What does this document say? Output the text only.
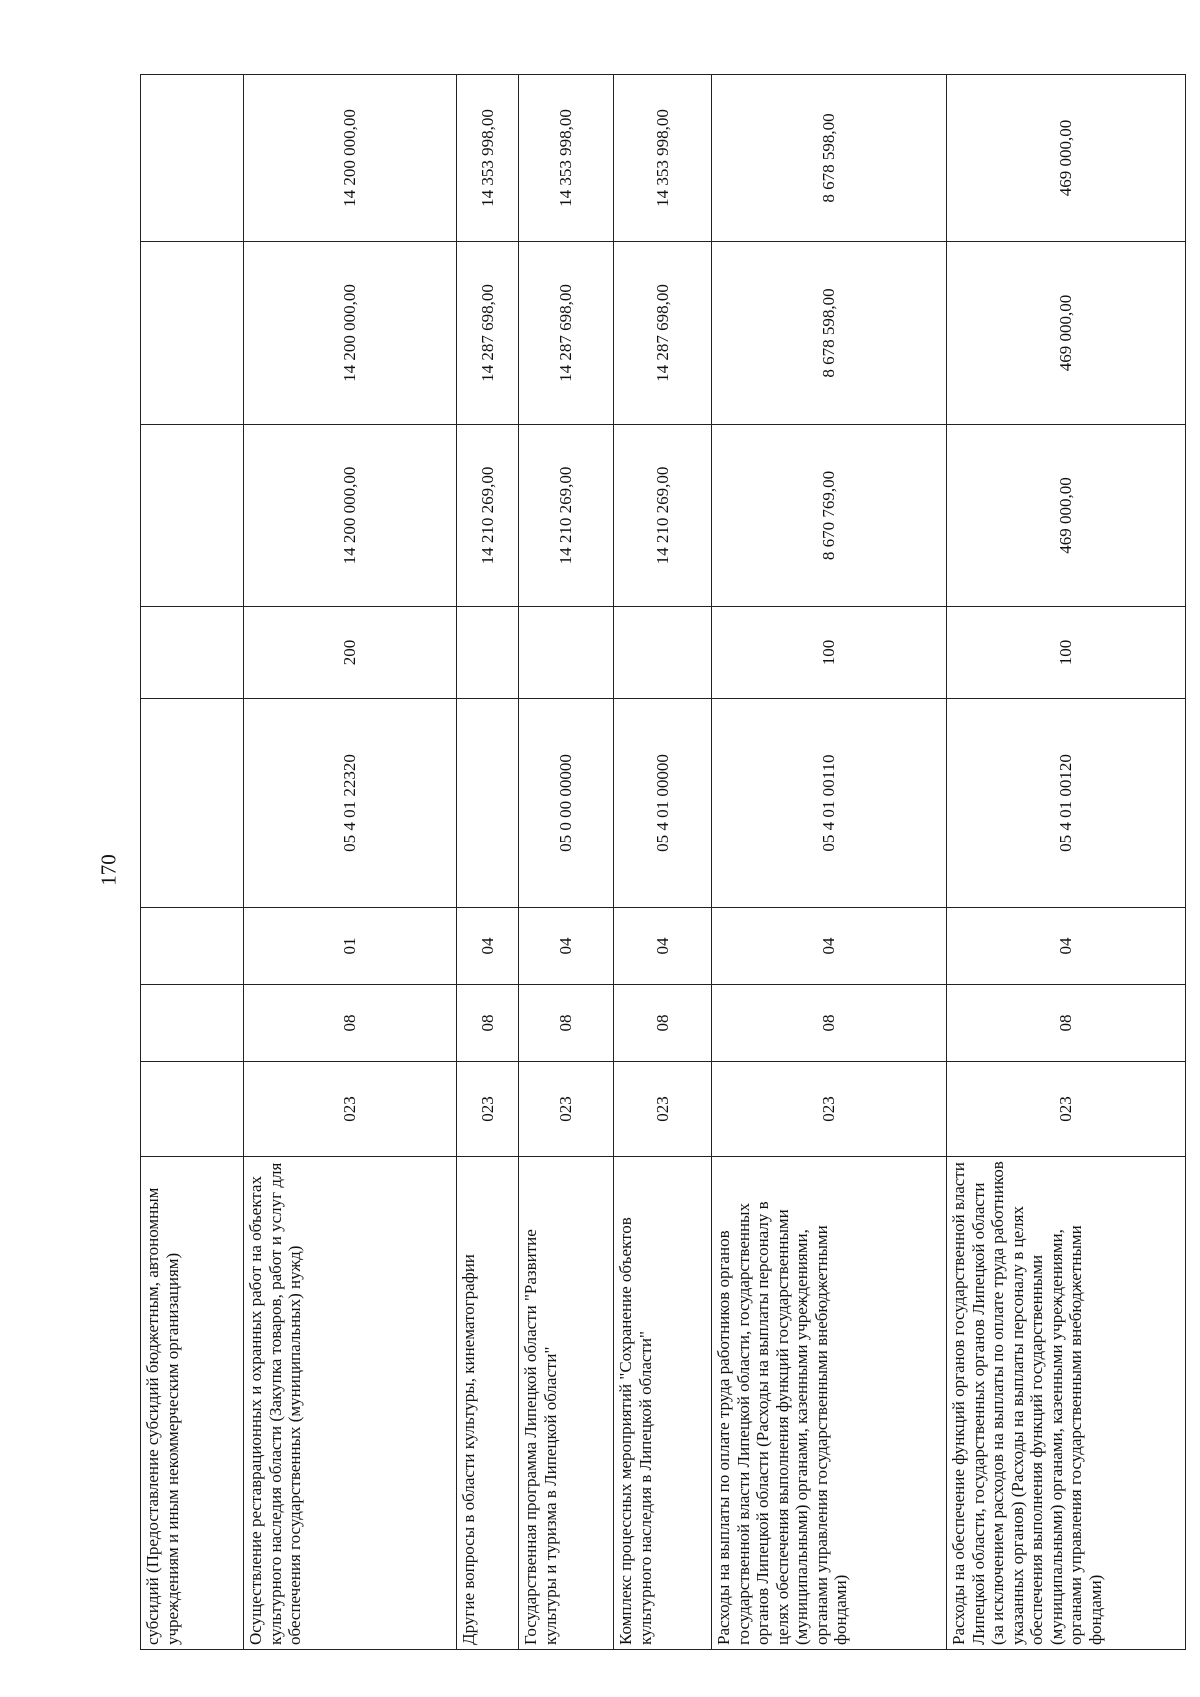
170
субсидий (Предоставление субсидий бюджетным, автономным учреждениям и иным некоммерческим организациям)								
Осуществление реставрационных и охранных работ на объектах культурного наследия области (Закупка товаров, работ и услуг для обеспечения государственных (муниципальных) нужд)	023	08	01	05 4 01 22320	200	14 200 000,00	14 200 000,00	14 200 000,00
Другие вопросы в области культуры, кинематографии	023	08	04			14 210 269,00	14 287 698,00	14 353 998,00
Государственная программа Липецкой области "Развитие культуры и туризма в Липецкой области"	023	08	04	05 0 00 00000		14 210 269,00	14 287 698,00	14 353 998,00
Комплекс процессных мероприятий "Сохранение объектов культурного наследия в Липецкой области"	023	08	04	05 4 01 00000		14 210 269,00	14 287 698,00	14 353 998,00
Расходы на выплаты по оплате труда работников органов государственной власти Липецкой области, государственных органов Липецкой области (Расходы на выплаты персоналу в целях обеспечения выполнения функций государственными (муниципальными) органами, казенными учреждениями, органами управления государственными внебюджетными фондами)	023	08	04	05 4 01 00110	100	8 670 769,00	8 678 598,00	8 678 598,00
Расходы на обеспечение функций органов государственной власти Липецкой области, государственных органов Липецкой области (за исключением расходов на выплаты по оплате труда работников указанных органов) (Расходы на выплаты персоналу в целях обеспечения выполнения функций государственными (муниципальными) органами, казенными учреждениями, органами управления государственными внебюджетными фондами)	023	08	04	05 4 01 00120	100	469 000,00	469 000,00	469 000,00
